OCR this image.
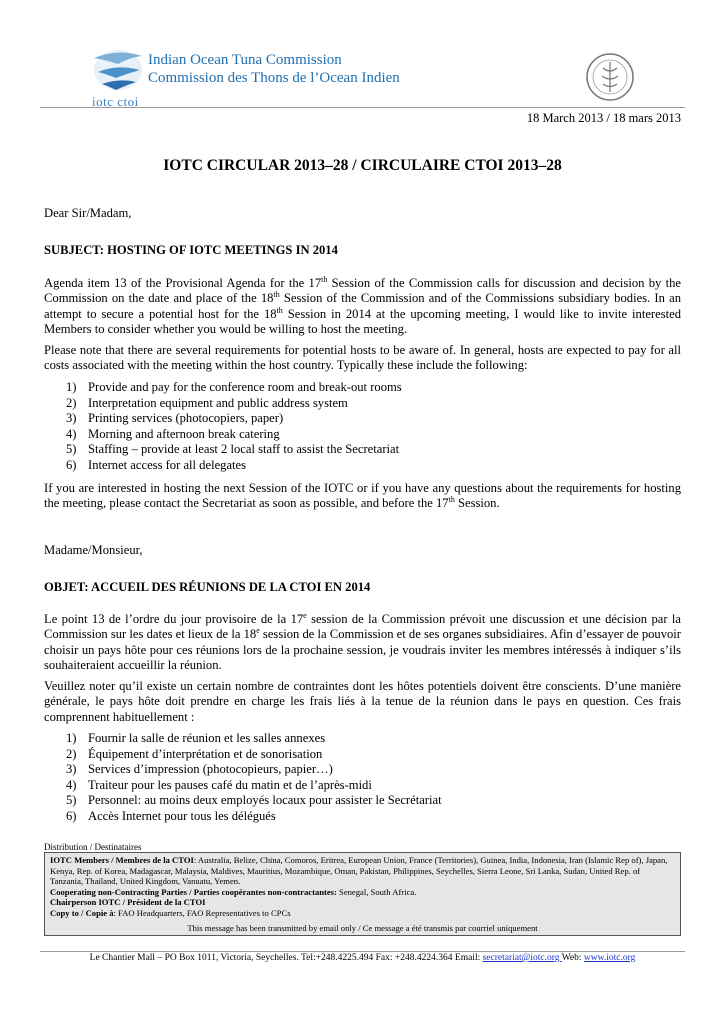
Indian Ocean Tuna Commission
Commission des Thons de l’Ocean Indien
iotc ctoi
18 March 2013 / 18 mars 2013
IOTC CIRCULAR 2013–28 / CIRCULAIRE CTOI 2013–28
Dear Sir/Madam,
SUBJECT: HOSTING OF IOTC MEETINGS IN 2014
Agenda item 13 of the Provisional Agenda for the 17th Session of the Commission calls for discussion and decision by the Commission on the date and place of the 18th Session of the Commission and of the Commissions subsidiary bodies. In an attempt to secure a potential host for the 18th Session in 2014 at the upcoming meeting, I would like to invite interested Members to consider whether you would be willing to host the meeting.
Please note that there are several requirements for potential hosts to be aware of. In general, hosts are expected to pay for all costs associated with the meeting within the host country. Typically these include the following:
1) Provide and pay for the conference room and break-out rooms
2) Interpretation equipment and public address system
3) Printing services (photocopiers, paper)
4) Morning and afternoon break catering
5) Staffing – provide at least 2 local staff to assist the Secretariat
6) Internet access for all delegates
If you are interested in hosting the next Session of the IOTC or if you have any questions about the requirements for hosting the meeting, please contact the Secretariat as soon as possible, and before the 17th Session.
Madame/Monsieur,
OBJET: ACCUEIL DES RÉUNIONS DE LA CTOI EN 2014
Le point 13 de l’ordre du jour provisoire de la 17e session de la Commission prévoit une discussion et une décision par la Commission sur les dates et lieux de la 18e session de la Commission et de ses organes subsidiaires. Afin d’essayer de pouvoir choisir un pays hôte pour ces réunions lors de la prochaine session, je voudrais inviter les membres intéressés à indiquer s’ils souhaiteraient accueillir la réunion.
Veuillez noter qu’il existe un certain nombre de contraintes dont les hôtes potentiels doivent être conscients. D’une manière générale, le pays hôte doit prendre en charge les frais liés à la tenue de la réunion dans le pays en question. Ces frais comprennent habituellement :
1) Fournir la salle de réunion et les salles annexes
2) Équipement d’interprétation et de sonorisation
3) Services d’impression (photocopieurs, papier…)
4) Traiteur pour les pauses café du matin et de l’après-midi
5) Personnel: au moins deux employés locaux pour assister le Secrétariat
6) Accès Internet pour tous les délégués
Distribution / Destinataires
IOTC Members / Membres de la CTOI: Australia, Belize, China, Comoros, Eritrea, European Union, France (Territories), Guinea, India, Indonesia, Iran (Islamic Rep of), Japan, Kenya, Rep. of Korea, Madagascar, Malaysia, Maldives, Mauritius, Mozambique, Oman, Pakistan, Philippines, Seychelles, Sierra Leone, Sri Lanka, Sudan, United Rep. of Tanzania, Thailand, United Kingdom, Vanuatu, Yemen.
Cooperating non-Contracting Parties / Parties coopérantes non-contractantes: Senegal, South Africa.
Chairperson IOTC / Président de la CTOI
Copy to / Copie à: FAO Headquarters, FAO Representatives to CPCs
This message has been transmitted by email only / Ce message a été transmis par courriel uniquement
Le Chantier Mall – PO Box 1011, Victoria, Seychelles. Tel:+248.4225.494 Fax: +248.4224.364 Email: secretariat@iotc.org Web: www.iotc.org
